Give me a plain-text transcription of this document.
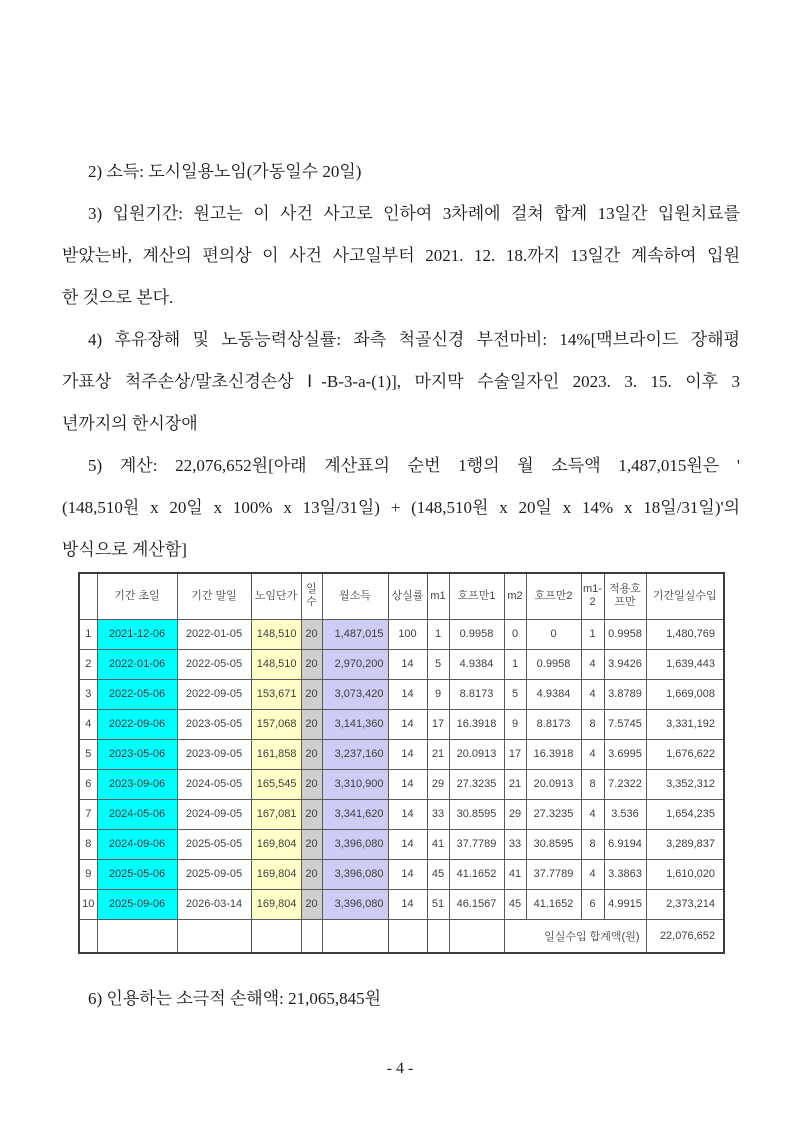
2) 소득: 도시일용노임(가동일수 20일)
3) 입원기간: 원고는 이 사건 사고로 인하여 3차례에 걸쳐 합계 13일간 입원치료를
받았는바, 계산의 편의상 이 사건 사고일부터 2021. 12. 18.까지 13일간 계속하여 입원
한 것으로 본다.
4) 후유장해 및 노동능력상실률: 좌측 척골신경 부전마비: 14%[맥브라이드 장해평
가표상 척주손상/말초신경손상 Ⅰ-B-3-a-(1)], 마지막 수술일자인 2023. 3. 15. 이후 3
년까지의 한시장애
5) 계산: 22,076,652원[아래 계산표의 순번 1행의 월 소득액 1,487,015원은 '
(148,510원 x 20일 x 100% x 13일/31일) + (148,510원 x 20일 x 14% x 18일/31일)'의
방식으로 계산함]
	기간 초일	기간 말일	노임단가	일수	월소득	상실률	m1	호프만1	m2	호프만2	m1-2	적용호프만	기간일실수입
1	2021-12-06	2022-01-05	148,510	20	1,487,015	100	1	0.9958	0	0	1	0.9958	1,480,769
2	2022-01-06	2022-05-05	148,510	20	2,970,200	14	5	4.9384	1	0.9958	4	3.9426	1,639,443
3	2022-05-06	2022-09-05	153,671	20	3,073,420	14	9	8.8173	5	4.9384	4	3.8789	1,669,008
4	2022-09-06	2023-05-05	157,068	20	3,141,360	14	17	16.3918	9	8.8173	8	7.5745	3,331,192
5	2023-05-06	2023-09-05	161,858	20	3,237,160	14	21	20.0913	17	16.3918	4	3.6995	1,676,622
6	2023-09-06	2024-05-05	165,545	20	3,310,900	14	29	27.3235	21	20.0913	8	7.2322	3,352,312
7	2024-05-06	2024-09-05	167,081	20	3,341,620	14	33	30.8595	29	27.3235	4	3.536	1,654,235
8	2024-09-06	2025-05-05	169,804	20	3,396,080	14	41	37.7789	33	30.8595	8	6.9194	3,289,837
9	2025-05-06	2025-09-05	169,804	20	3,396,080	14	45	41.1652	41	37.7789	4	3.3863	1,610,020
10	2025-09-06	2026-03-14	169,804	20	3,396,080	14	51	46.1567	45	41.1652	6	4.9915	2,373,214
									일실수입 합계액(원)				22,076,652
6) 인용하는 소극적 손해액: 21,065,845원
- 4 -
